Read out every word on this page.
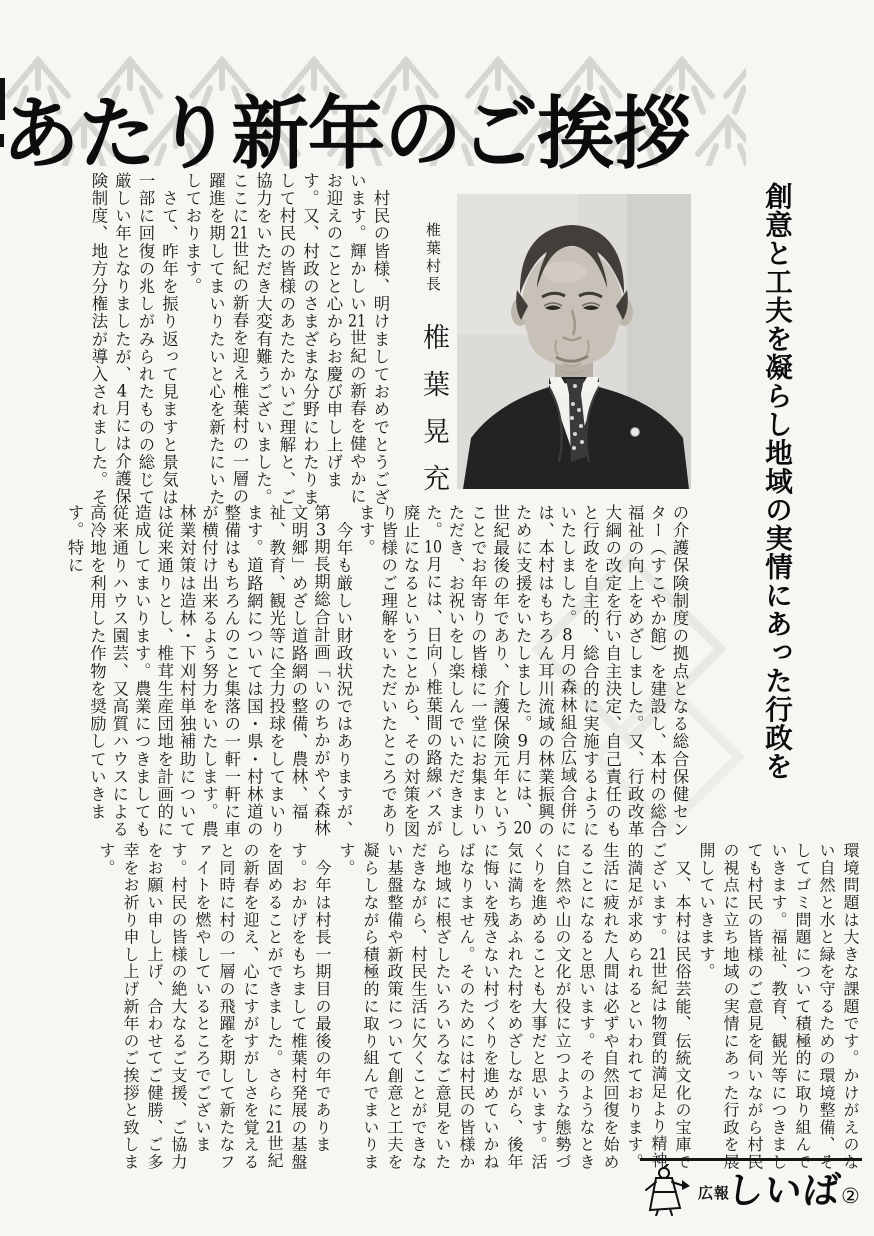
あたり新年のご挨拶
創意と工夫を凝らし地域の実情にあった行政を
椎葉村長 椎葉晃充
　村民の皆様、明けましておめでとうございます。輝かしい21世紀の新春を健やかにお迎えのことと心からお慶び申し上げます。又、村政のさまざまな分野にわたりまして村民の皆様のあたたかいご理解と、ご協力をいただき大変有難うございました。ここに21世紀の新春を迎え椎葉村の一層の躍進を期してまいりたいと心を新たにいたしております。
　さて、昨年を振り返って見ますと景気は一部に回復の兆しがみられたものの総じて厳しい年となりましたが、4月には介護保険制度、地方分権法が導入されました。そ
の介護保険制度の拠点となる総合保健センター（すこやか館）を建設し、本村の総合福祉の向上をめざしました。又、行政改革大綱の改定を行い自主決定、自己責任のもと行政を自主的、総合的に実施するようにいたしました。8月の森林組合広域合併には、本村はもちろん耳川流域の林業振興のために支援をいたしました。9月には、20世紀最後の年であり、介護保険元年ということでお年寄りの皆様に一堂にお集まりいただき、お祝いをし楽しんでいただきました。10月には、日向〜椎葉間の路線バスが廃止になるということから、その対策を図り皆様のご理解をいただいたところであります。
　今年も厳しい財政状況ではありますが、第3期長期総合計画「いのちかがやく森林文明郷」めざし道路網の整備、農林、福祉、教育、観光等に全力投球をしてまいります。道路網については国・県・村林道の整備はもちろんのこと集落の一軒一軒に車が横付け出来るよう努力をいたします。農林業対策は造林・下刈村単独補助については従来通りとし、椎茸生産団地を計画的に造成してまいります。農業につきましても従来通りハウス園芸、又高質ハウスによる高冷地を利用した作物を奨励していきます。特に
環境問題は大きな課題です。かけがえのない自然と水と緑を守るための環境整備、そしてゴミ問題について積極的に取り組んでいきます。福祉、教育、観光等につきましても村民の皆様のご意見を伺いながら村民の視点に立ち地域の実情にあった行政を展開していきます。
　又、本村は民俗芸能、伝統文化の宝庫でございます。21世紀は物質的満足より精神的満足が求められるといわれております。生活に疲れた人間は必ずや自然回復を始めることになると思います。そのようなときに自然や山の文化が役に立つような態勢づくりを進めることも大事だと思います。活気に満ちあふれた村をめざしながら、後年に悔いを残さない村づくりを進めていかねばなりません。そのためには村民の皆様から地域に根ざしたいろいろなご意見をいただきながら、村民生活に欠くことができない基盤整備や新政策について創意と工夫を凝らしながら積極的に取り組んでまいります。
　今年は村長一期目の最後の年であります。おかげをもちまして椎葉村発展の基盤を固めることができました。さらに21世紀の新春を迎え、心にすがすがしさを覚えると同時に村の一層の飛躍を期して新たなファイトを燃やしているところでございます。村民の皆様の絶大なるご支援、ご協力をお願い申し上げ、合わせてご健勝、ご多幸をお祈り申し上げ新年のご挨拶と致します。
広報
しいば
②
